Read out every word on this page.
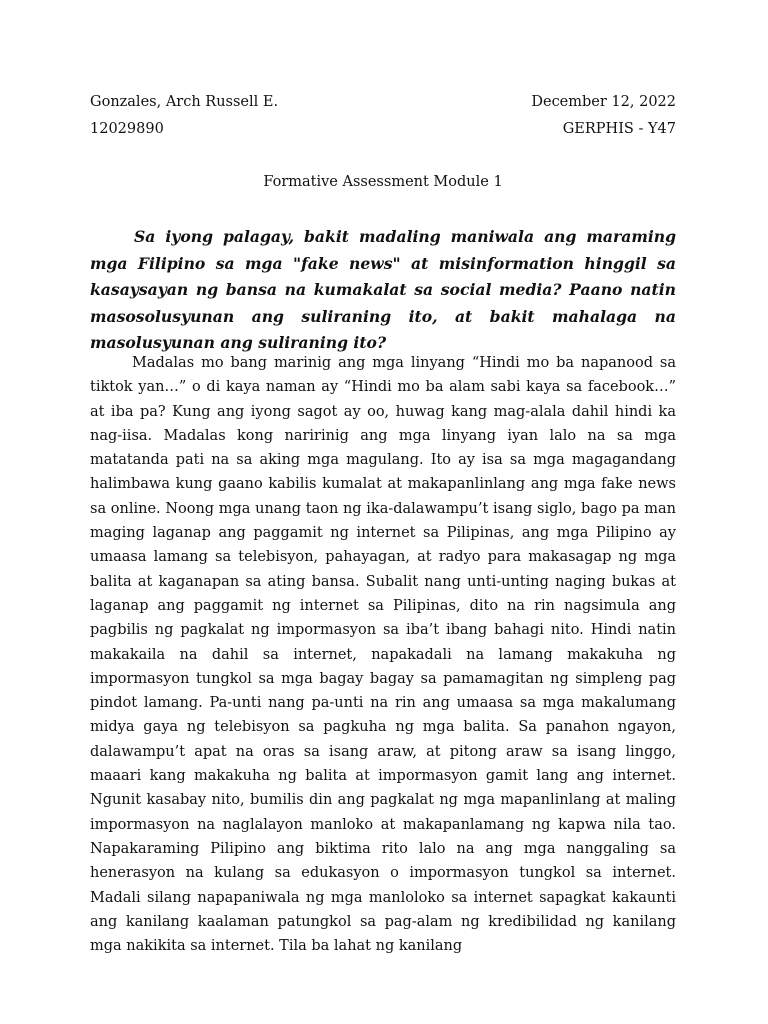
Gonzales, Arch Russell E.	December 12, 2022
12029890	GERPHIS - Y47
Formative Assessment Module 1

Sa iyong palagay, bakit madaling maniwala ang maraming mga Filipino sa mga "fake news" at misinformation hinggil sa kasaysayan ng bansa na kumakalat sa social media? Paano natin masosolusyunan ang suliraning ito, at bakit mahalaga na masolusyunan ang suliraning ito?

Madalas mo bang marinig ang mga linyang “Hindi mo ba napanood sa tiktok yan…” o di kaya naman ay “Hindi mo ba alam sabi kaya sa facebook…” at iba pa? Kung ang iyong sagot ay oo, huwag kang mag-alala dahil hindi ka nag-iisa. Madalas kong naririnig ang mga linyang iyan lalo na sa mga matatanda pati na sa aking mga magulang. Ito ay isa sa mga magagandang halimbawa kung gaano kabilis kumalat at makapanlinlang ang mga fake news sa online. Noong mga unang taon ng ika-dalawampu’t isang siglo, bago pa man maging laganap ang paggamit ng internet sa Pilipinas, ang mga Pilipino ay umaasa lamang sa telebisyon, pahayagan, at radyo para makasagap ng mga balita at kaganapan sa ating bansa. Subalit nang unti-unting naging bukas at laganap ang paggamit ng internet sa Pilipinas, dito na rin nagsimula ang pagbilis ng pagkalat ng impormasyon sa iba’t ibang bahagi nito. Hindi natin makakaila na dahil sa internet, napakadali na lamang makakuha ng impormasyon tungkol sa mga bagay bagay sa pamamagitan ng simpleng pag pindot lamang. Pa-unti nang pa-unti na rin ang umaasa sa mga makalumang midya gaya ng telebisyon sa pagkuha ng mga balita. Sa panahon ngayon, dalawampu’t apat na oras sa isang araw, at pitong araw sa isang linggo, maaari kang makakuha ng balita at impormasyon gamit lang ang internet. Ngunit kasabay nito, bumilis din ang pagkalat ng mga mapanlinlang at maling impormasyon na naglalayon manloko at makapanlamang ng kapwa nila tao. Napakaraming Pilipino ang biktima rito lalo na ang mga nanggaling sa henerasyon na kulang sa edukasyon o impormasyon tungkol sa internet. Madali silang napapaniwala ng mga manloloko sa internet sapagkat kakaunti ang kanilang kaalaman patungkol sa pag-alam ng kredibilidad ng kanilang mga nakikita sa internet. Tila ba lahat ng kanilang
